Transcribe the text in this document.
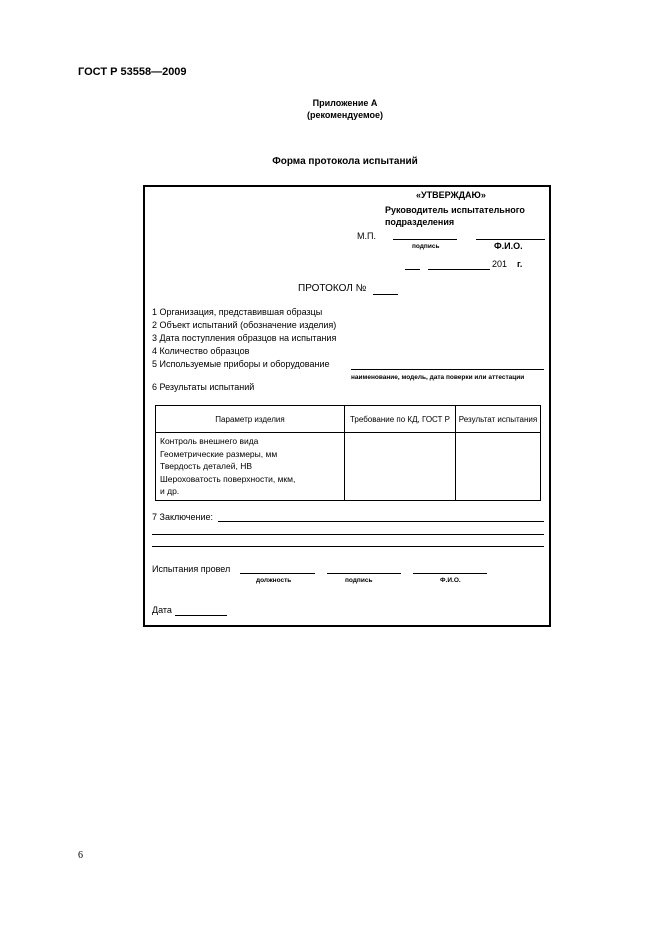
ГОСТ Р 53558—2009
Приложение А
(рекомендуемое)
Форма протокола испытаний
«УТВЕРЖДАЮ»
Руководитель испытательного
подразделения
М.П.
подпись	Ф.И.О.
201 г.
ПРОТОКОЛ №
1 Организация, представившая образцы
2 Объект испытаний (обозначение изделия)
3 Дата поступления образцов на испытания
4 Количество образцов
5 Используемые приборы и оборудование
наименование, модель, дата поверки или аттестации
6 Результаты испытаний
Параметр изделия	Требование по КД, ГОСТ Р	Результат испытания

Контроль внешнего вида
Геометрические размеры, мм
Твердость деталей, НВ
Шероховатость поверхности, мкм,
и др.		

7 Заключение:
Испытания провел
должность	подпись	Ф.И.О.
Дата
6
